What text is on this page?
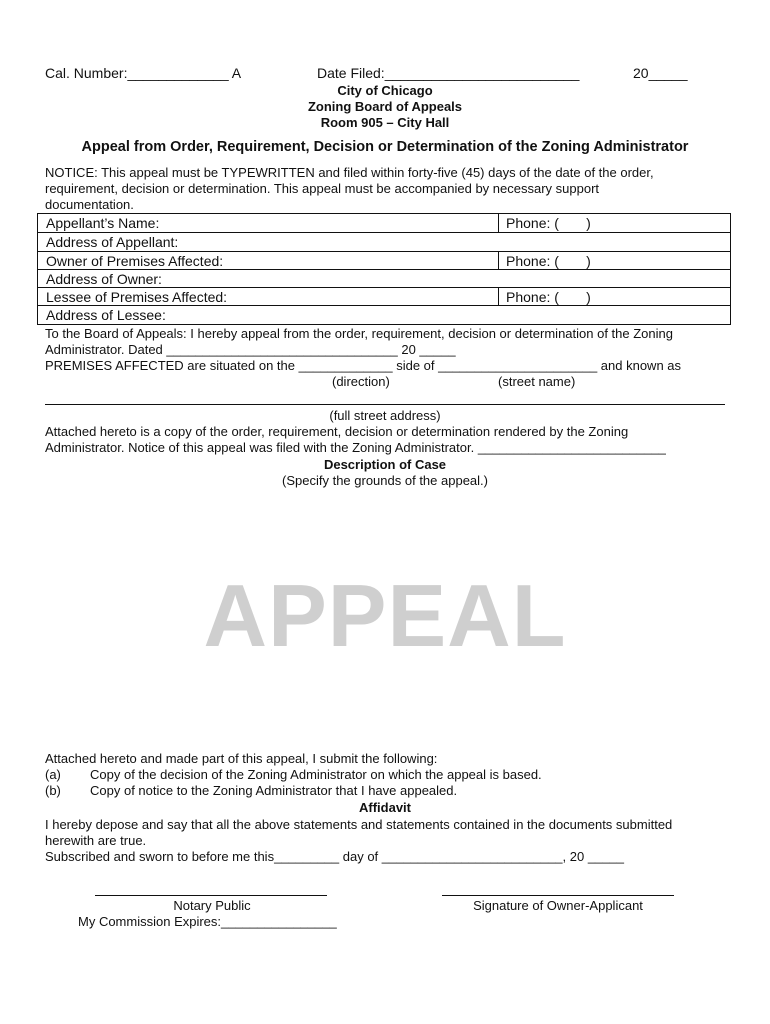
Cal. Number:_____________ A	Date Filed:_________________________	20_____
City of Chicago
Zoning Board of Appeals
Room 905 – City Hall
Appeal from Order, Requirement, Decision or Determination of the Zoning Administrator
NOTICE: This appeal must be TYPEWRITTEN and filed within forty-five (45) days of the date of the order,
requirement, decision or determination. This appeal must be accompanied by necessary support
documentation.
Appellant’s Name:	Phone: (       )
Address of Appellant:
Owner of Premises Affected:	Phone: (       )
Address of Owner:
Lessee of Premises Affected:	Phone: (       )
Address of Lessee:
To the Board of Appeals: I hereby appeal from the order, requirement, decision or determination of the Zoning
Administrator. Dated ________________________________ 20 _____
PREMISES AFFECTED are situated on the _____________ side of ______________________ and known as
(direction)	(street name)
(full street address)
Attached hereto is a copy of the order, requirement, decision or determination rendered by the Zoning
Administrator. Notice of this appeal was filed with the Zoning Administrator. __________________________
Description of Case
(Specify the grounds of the appeal.)
APPEAL
Attached hereto and made part of this appeal, I submit the following:
(a) Copy of the decision of the Zoning Administrator on which the appeal is based.
(b) Copy of notice to the Zoning Administrator that I have appealed.
Affidavit
I hereby depose and say that all the above statements and statements contained in the documents submitted
herewith are true.
Subscribed and sworn to before me this_________ day of _________________________, 20 _____
Notary Public
My Commission Expires:________________
Signature of Owner-Applicant
